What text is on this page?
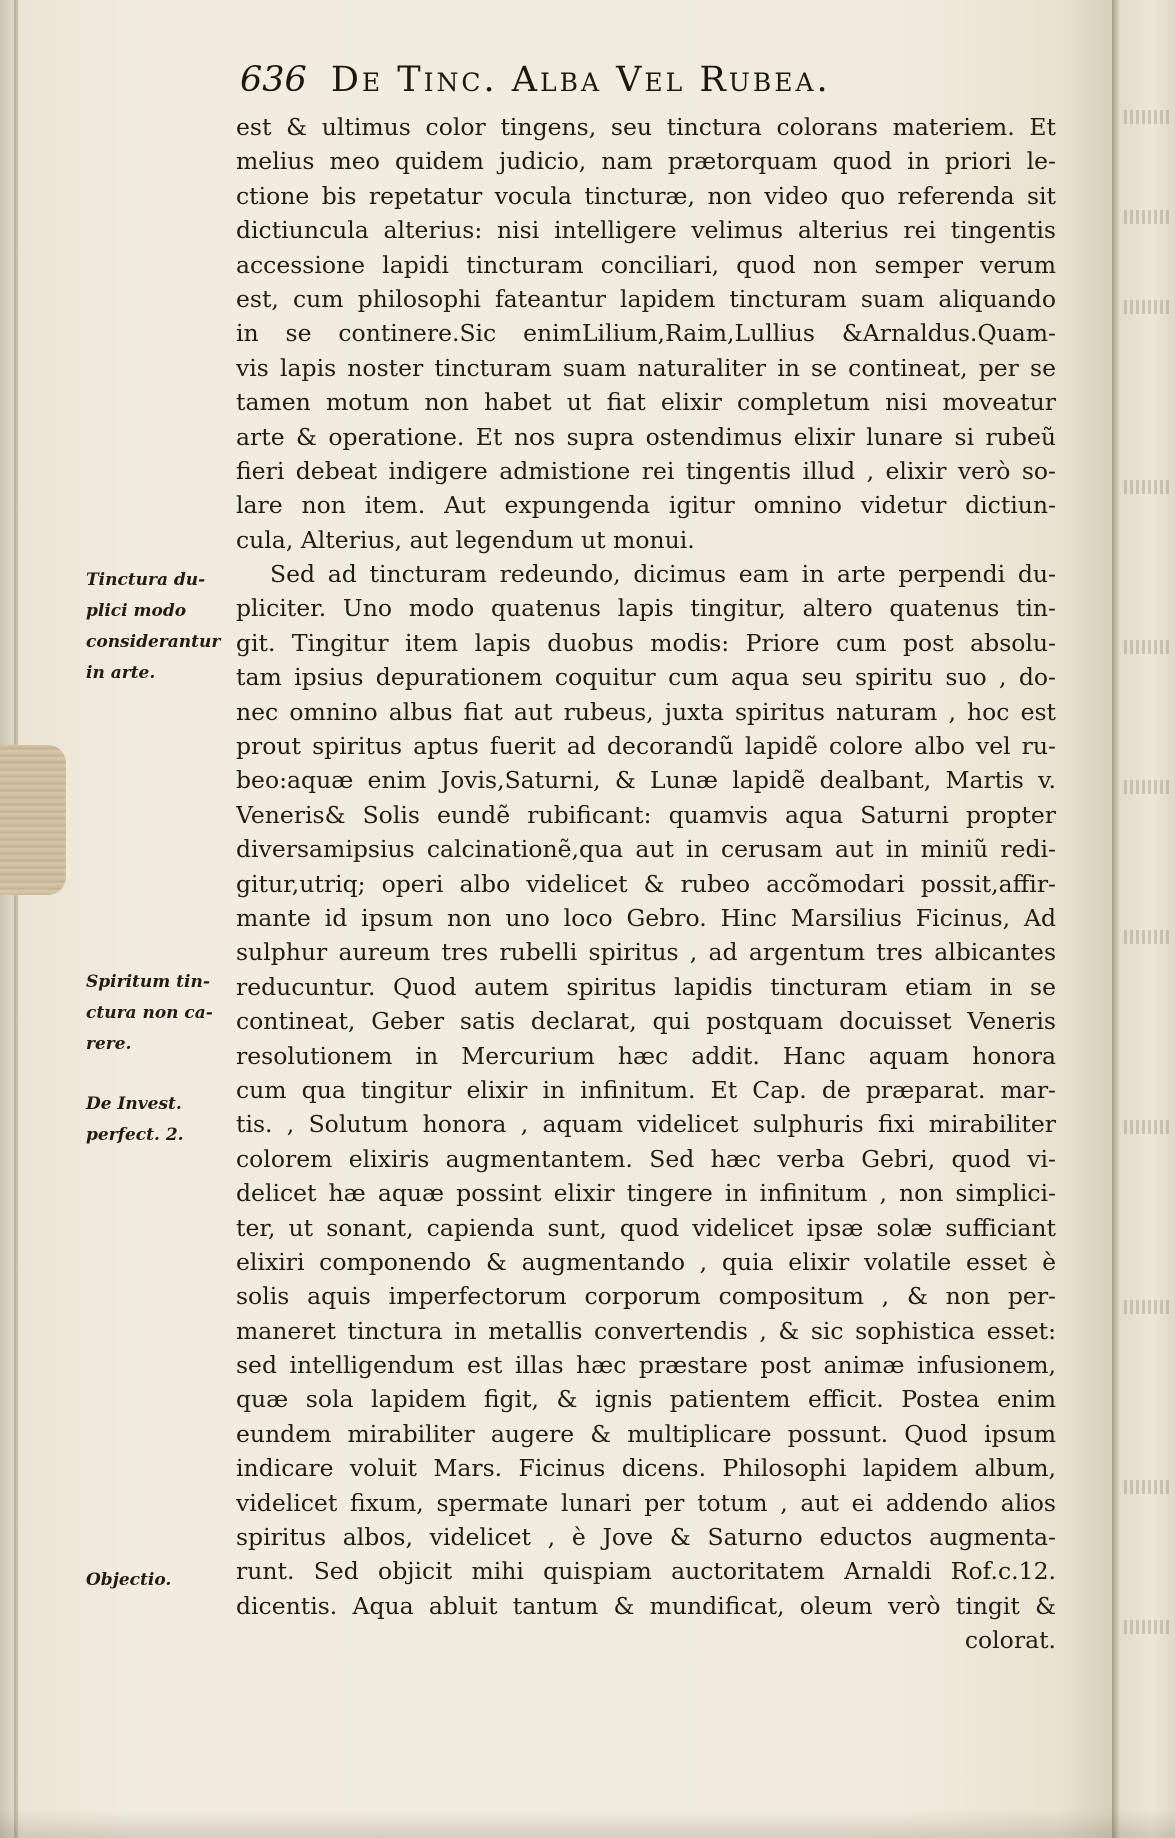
636 De Tinc. Alba Vel Rubea.
est & ultimus color tingens, seu tinctura colorans materiem. Et
melius meo quidem judicio, nam prætorquam quod in priori le-
ctione bis repetatur vocula tincturæ, non video quo referenda sit
dictiuncula alterius: nisi intelligere velimus alterius rei tingentis
accessione lapidi tincturam conciliari, quod non semper verum
est, cum philosophi fateantur lapidem tincturam suam aliquando
in se continere.Sic enimLilium,Raim,Lullius &Arnaldus.Quam-
vis lapis noster tincturam suam naturaliter in se contineat, per se
tamen motum non habet ut fiat elixir completum nisi moveatur
arte & operatione. Et nos supra ostendimus elixir lunare si rubeũ
fieri debeat indigere admistione rei tingentis illud , elixir verò so-
lare non item. Aut expungenda igitur omnino videtur dictiun-
cula, Alterius, aut legendum ut monui.
Sed ad tincturam redeundo, dicimus eam in arte perpendi du-
pliciter. Uno modo quatenus lapis tingitur, altero quatenus tin-
git. Tingitur item lapis duobus modis: Priore cum post absolu-
tam ipsius depurationem coquitur cum aqua seu spiritu suo , do-
nec omnino albus fiat aut rubeus, juxta spiritus naturam , hoc est
prout spiritus aptus fuerit ad decorandũ lapidẽ colore albo vel ru-
beo:aquæ enim Jovis,Saturni, & Lunæ lapidẽ dealbant, Martis v.
Veneris& Solis eundẽ rubificant: quamvis aqua Saturni propter
diversamipsius calcinationẽ,qua aut in cerusam aut in miniũ redi-
gitur,utriq; operi albo videlicet & rubeo accõmodari possit,affir-
mante id ipsum non uno loco Gebro. Hinc Marsilius Ficinus, Ad
sulphur aureum tres rubelli spiritus , ad argentum tres albicantes
reducuntur. Quod autem spiritus lapidis tincturam etiam in se
contineat, Geber satis declarat, qui postquam docuisset Veneris
resolutionem in Mercurium hæc addit. Hanc aquam honora
cum qua tingitur elixir in infinitum. Et Cap. de præparat. mar-
tis. , Solutum honora , aquam videlicet sulphuris fixi mirabiliter
colorem elixiris augmentantem. Sed hæc verba Gebri, quod vi-
delicet hæ aquæ possint elixir tingere in infinitum , non simplici-
ter, ut sonant, capienda sunt, quod videlicet ipsæ solæ sufficiant
elixiri componendo & augmentando , quia elixir volatile esset è
solis aquis imperfectorum corporum compositum , & non per-
maneret tinctura in metallis convertendis , & sic sophistica esset:
sed intelligendum est illas hæc præstare post animæ infusionem,
quæ sola lapidem figit, & ignis patientem efficit. Postea enim
eundem mirabiliter augere & multiplicare possunt. Quod ipsum
indicare voluit Mars. Ficinus dicens. Philosophi lapidem album,
videlicet fixum, spermate lunari per totum , aut ei addendo alios
spiritus albos, videlicet , è Jove & Saturno eductos augmenta-
runt. Sed objicit mihi quispiam auctoritatem Arnaldi Rof.c.12.
dicentis. Aqua abluit tantum & mundificat, oleum verò tingit &
colorat.
Tinctura du-
plici modo
considerantur
in arte.
Spiritum tin-
ctura non ca-
rere.
De Invest.
perfect. 2.
Objectio.
